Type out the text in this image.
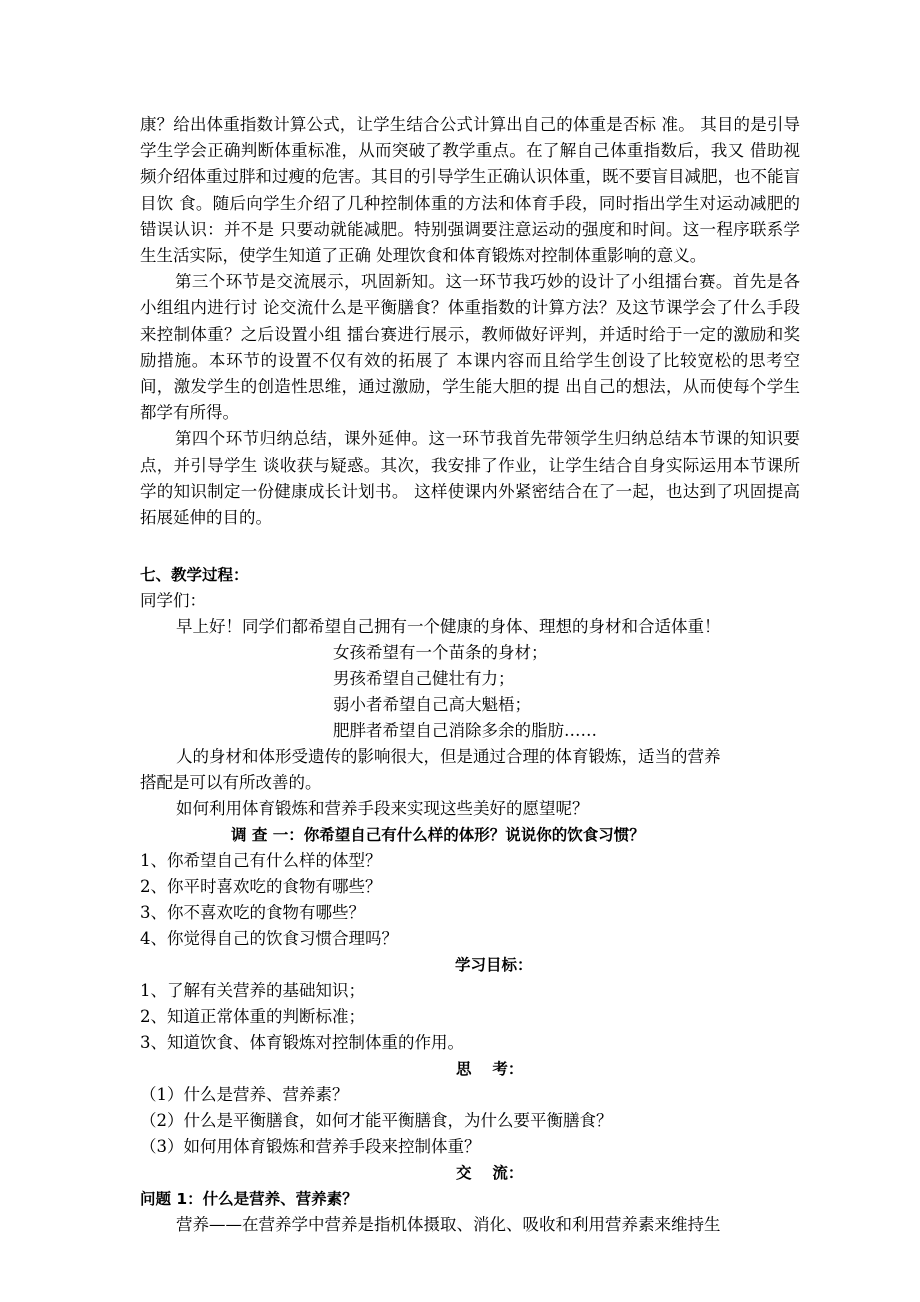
康？给出体重指数计算公式，让学生结合公式计算出自己的体重是否标 准。 其目的是引导学生学会正确判断体重标准，从而突破了教学重点。在了解自己体重指数后，我又 借助视频介绍体重过胖和过瘦的危害。其目的引导学生正确认识体重，既不要盲目减肥，也不能盲目饮 食。随后向学生介绍了几种控制体重的方法和体育手段，同时指出学生对运动减肥的错误认识：并不是 只要动就能减肥。特别强调要注意运动的强度和时间。这一程序联系学生生活实际，使学生知道了正确 处理饮食和体育锻炼对控制体重影响的意义。

第三个环节是交流展示，巩固新知。这一环节我巧妙的设计了小组擂台赛。首先是各小组组内进行讨 论交流什么是平衡膳食？体重指数的计算方法？及这节课学会了什么手段来控制体重？之后设置小组 擂台赛进行展示，教师做好评判，并适时给于一定的激励和奖励措施。本环节的设置不仅有效的拓展了 本课内容而且给学生创设了比较宽松的思考空间，激发学生的创造性思维，通过激励，学生能大胆的提 出自己的想法，从而使每个学生都学有所得。

第四个环节归纳总结，课外延伸。这一环节我首先带领学生归纳总结本节课的知识要点，并引导学生 谈收获与疑惑。其次，我安排了作业，让学生结合自身实际运用本节课所学的知识制定一份健康成长计划书。 这样使课内外紧密结合在了一起，也达到了巩固提高拓展延伸的目的。

七、教学过程：
同学们：
早上好！同学们都希望自己拥有一个健康的身体、理想的身材和合适体重！
女孩希望有一个苗条的身材；
男孩希望自己健壮有力；
弱小者希望自己高大魁梧；
肥胖者希望自己消除多余的脂肪……
人的身材和体形受遗传的影响很大，但是通过合理的体育锻炼，适当的营养
搭配是可以有所改善的。
如何利用体育锻炼和营养手段来实现这些美好的愿望呢？
调 查 一：你希望自己有什么样的体形？说说你的饮食习惯？
1、你希望自己有什么样的体型？
2、你平时喜欢吃的食物有哪些？
3、你不喜欢吃的食物有哪些？
4、你觉得自己的饮食习惯合理吗？
学习目标：
1、了解有关营养的基础知识；
2、知道正常体重的判断标准；
3、知道饮食、体育锻炼对控制体重的作用。
思　 考：
（1）什么是营养、营养素？
（2）什么是平衡膳食，如何才能平衡膳食，为什么要平衡膳食？
（3）如何用体育锻炼和营养手段来控制体重？
交　 流：
问题 1：什么是营养、营养素？
营养——在营养学中营养是指机体摄取、消化、吸收和利用营养素来维持生
